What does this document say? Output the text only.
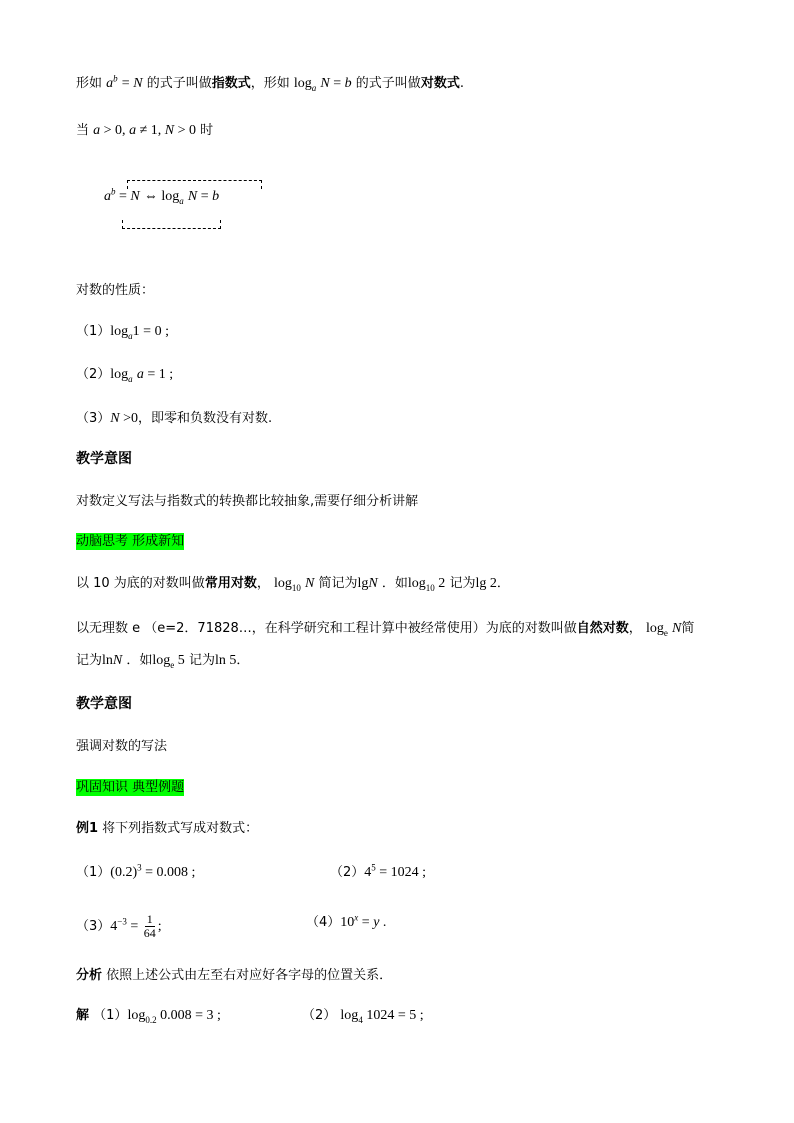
形如 $a^b = N$ 的式子叫做指数式，形如 $\log_a N = b$ 的式子叫做对数式.
当 a > 0, a ≠ 1, N > 0 时
$a^b = N$ ⇔ $\log_a N = b$
对数的性质：
$(1)\log_a1 = 0$ ;
$(2)\log_a$ a = 1 ;
（3）N >0，即零和负数没有对数.
教学意图
对数定义写法与指数式的转换都比较抽象,需要仔细分析讲解
动脑思考 形成新知
以 10 为底的对数叫做常用对数， $\log_{10} N$ 简记为lgN ．如$\log_{10} 2$ 记为lg 2．
以无理数 e （e=2．71828…，在科学研究和工程计算中被经常使用）为底的对数叫做自然对数， $\log_e N$简
记为lnN ．如$\log_e 5$ 记为ln 5．
教学意图
强调对数的写法
巩固知识 典型例题
例1 将下列指数式写成对数式：
$(1)(0.2)^3 = 0.008$ ;	$(2)4^5 = 1024$ ;
$(3)4^{-3} = \frac{1}{64}$ ;	$(4)10^x = y$ .
分析 依照上述公式由左至右对应好各字母的位置关系．
解 $(1)\log_{0.2}$ 0.008 = 3 ;	（2） $\log_4 1024 = 5$ ;
